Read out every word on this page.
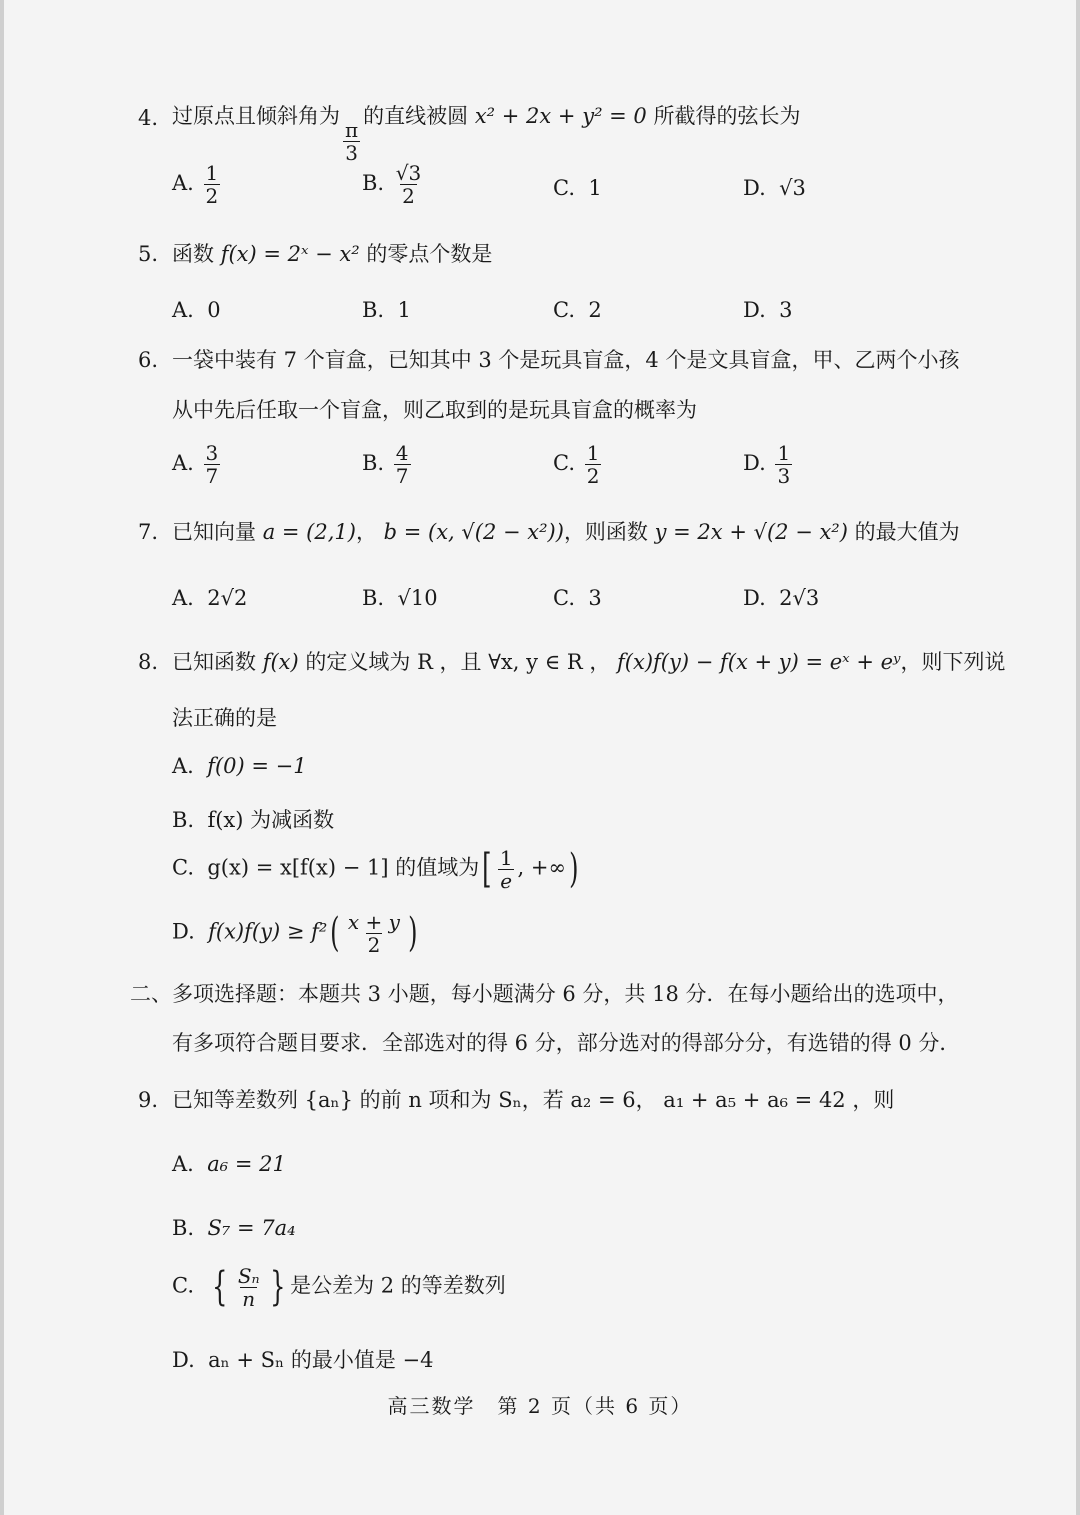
4. 过原点且倾斜角为
$\frac{\pi}{3}$
的直线被圆 x² + 2x + y² = 0 所截得的弦长为
A. $\frac{1}{2}$	B. $\frac{√3}{2}$	C. 1	D. √3
5. 函数 f(x) = 2ˣ − x² 的零点个数是
A. 0	B. 1	C. 2	D. 3
6. 一袋中装有 7 个盲盒，已知其中 3 个是玩具盲盒，4 个是文具盲盒，甲、乙两个小孩
从中先后任取一个盲盒，则乙取到的是玩具盲盒的概率为
A. $\frac{3}{7}$	B. $\frac{4}{7}$	C. $\frac{1}{2}$	D. $\frac{1}{3}$
7. 已知向量 a = (2,1)， b = (x, √(2 − x²))，则函数 y = 2x + √(2 − x²) 的最大值为
A. 2√2	B. √10	C. 3	D. 2√3
8. 已知函数 f(x) 的定义域为 R ，且 ∀x, y ∈ R ， f(x)f(y) − f(x + y) = eˣ + eʸ，则下列说
法正确的是
A. f(0) = −1
B. f(x) 为减函数
C. g(x) = x[f(x) − 1] 的值域为[ $\frac{1}{e}$ , +∞)
D. $f(x)f(y) \ge f^2( \frac{x + y}{2}$ )
二、多项选择题：本题共 3 小题，每小题满分 6 分，共 18 分．在每小题给出的选项中，
有多项符合题目要求．全部选对的得 6 分，部分选对的得部分分，有选错的得 0 分．
9. 已知等差数列 {aₙ} 的前 n 项和为 Sₙ，若 a₂ = 6， a₁ + a₅ + a₆ = 42 ，则
A. a₆ = 21
B. S₇ = 7a₄
C. { $\frac{\text{Sₙ}}{n}$ } 是公差为 2 的等差数列
D. aₙ + Sₙ 的最小值是 −4
高三数学　第 2 页（共 6 页）
